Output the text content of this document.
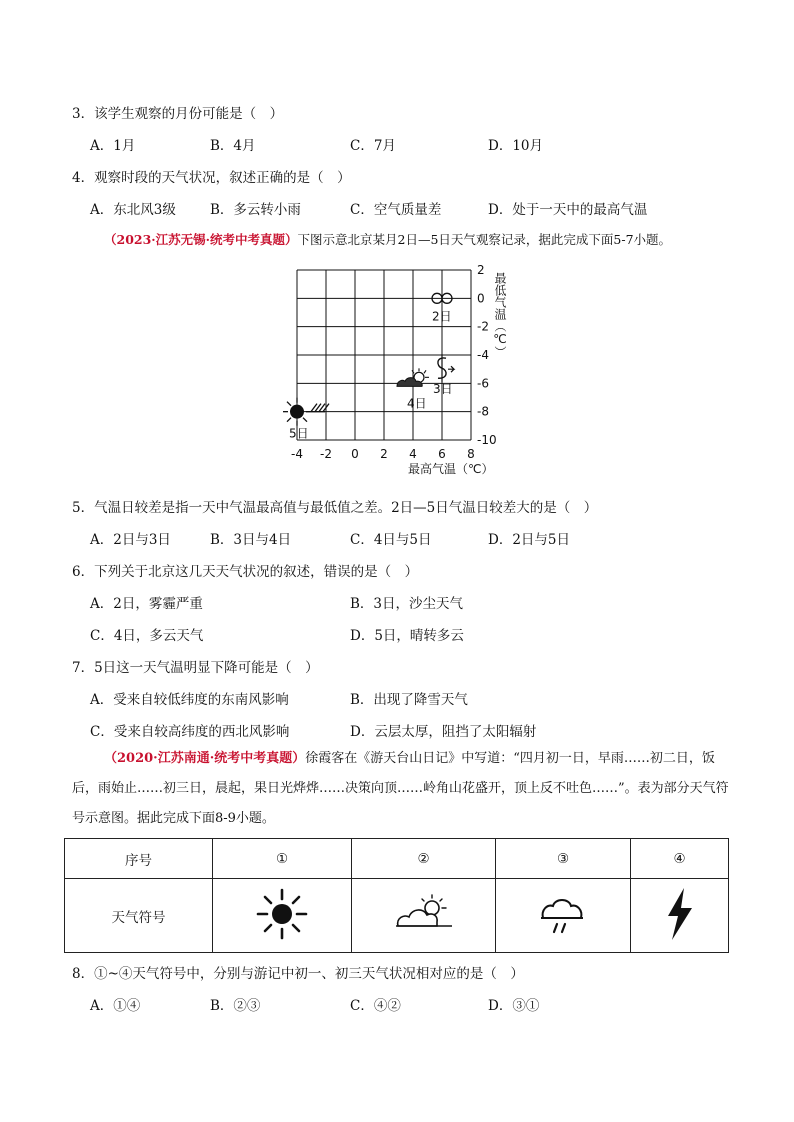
3．该学生观察的月份可能是（　）
A．1月	B．4月	C．7月	D．10月
4．观察时段的天气状况，叙述正确的是（　）
A．东北风3级	B．多云转小雨	C．空气质量差	D．处于一天中的最高气温
（2023·江苏无锡·统考中考真题）下图示意北京某月2日—5日天气观察记录，据此完成下面5-7小题。
-4 -2 0 2 4 6 8
2
0
-2
-4
-6
-8
-10
最高气温（℃）
最低气温（℃）
2日
3日
4日
5日
5．气温日较差是指一天中气温最高值与最低值之差。2日—5日气温日较差大的是（　）
A．2日与3日	B．3日与4日	C．4日与5日	D．2日与5日
6．下列关于北京这几天天气状况的叙述，错误的是（　）
A．2日，雾霾严重	B．3日，沙尘天气
C．4日，多云天气	D．5日，晴转多云
7．5日这一天气温明显下降可能是（　）
A．受来自较低纬度的东南风影响	B．出现了降雪天气
C．受来自较高纬度的西北风影响	D．云层太厚，阻挡了太阳辐射
（2020·江苏南通·统考中考真题）徐霞客在《游天台山日记》中写道：“四月初一日，早雨……初二日，饭后，雨始止……初三日，晨起，果日光烨烨……决策向顶……岭角山花盛开，顶上反不吐色……”。表为部分天气符号示意图。据此完成下面8-9小题。
序号	①	②	③	④
天气符号				
8．①~④天气符号中，分别与游记中初一、初三天气状况相对应的是（　）
A．①④	B．②③	C．④②	D．③①
